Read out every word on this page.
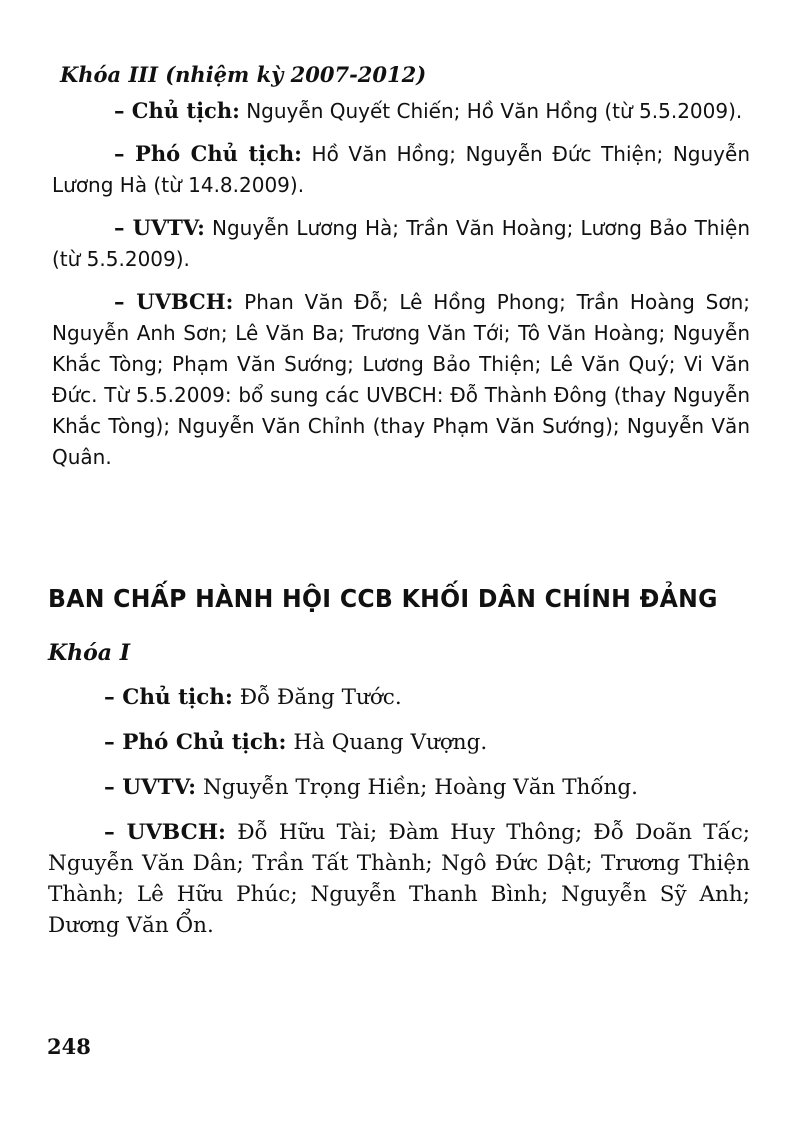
Khóa III (nhiệm kỳ 2007-2012)

– Chủ tịch: Nguyễn Quyết Chiến; Hồ Văn Hồng (từ 5.5.2009).

– Phó Chủ tịch: Hồ Văn Hồng; Nguyễn Đức Thiện; Nguyễn Lương Hà (từ 14.8.2009).

– UVTV: Nguyễn Lương Hà; Trần Văn Hoàng; Lương Bảo Thiện (từ 5.5.2009).

– UVBCH: Phan Văn Đỗ; Lê Hồng Phong; Trần Hoàng Sơn; Nguyễn Anh Sơn; Lê Văn Ba; Trương Văn Tới; Tô Văn Hoàng; Nguyễn Khắc Tòng; Phạm Văn Sướng; Lương Bảo Thiện; Lê Văn Quý; Vi Văn Đức. Từ 5.5.2009: bổ sung các UVBCH: Đỗ Thành Đông (thay Nguyễn Khắc Tòng); Nguyễn Văn Chỉnh (thay Phạm Văn Sướng); Nguyễn Văn Quân.

BAN CHẤP HÀNH HỘI CCB KHỐI DÂN CHÍNH ĐẢNG

Khóa I

– Chủ tịch: Đỗ Đăng Tước.

– Phó Chủ tịch: Hà Quang Vượng.

– UVTV: Nguyễn Trọng Hiền; Hoàng Văn Thống.

– UVBCH: Đỗ Hữu Tài; Đàm Huy Thông; Đỗ Doãn Tấc; Nguyễn Văn Dân; Trần Tất Thành; Ngô Đức Dật; Trương Thiện Thành; Lê Hữu Phúc; Nguyễn Thanh Bình; Nguyễn Sỹ Anh; Dương Văn Ổn.

248
